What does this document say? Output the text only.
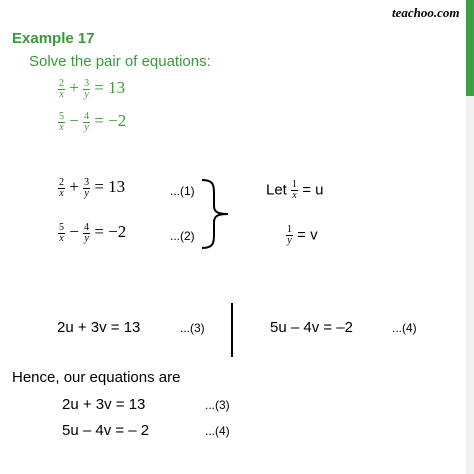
teachoo.com
Example 17
Solve the pair of equations:
$\frac{2}{x} + \frac{3}{y} = 13$
$\frac{5}{x} - \frac{4}{y} = -2$
$\frac{2}{x} + \frac{3}{y} = 13$	...(1)
$\frac{5}{x} - \frac{4}{y} = -2$	...(2)
Let $\frac{1}{x} = u$
$\frac{1}{y} = v$
2u + 3v = 13	...(3)	5u – 4v = –2	...(4)
Hence, our equations are
2u + 3v = 13	...(3)
5u – 4v = – 2	...(4)
